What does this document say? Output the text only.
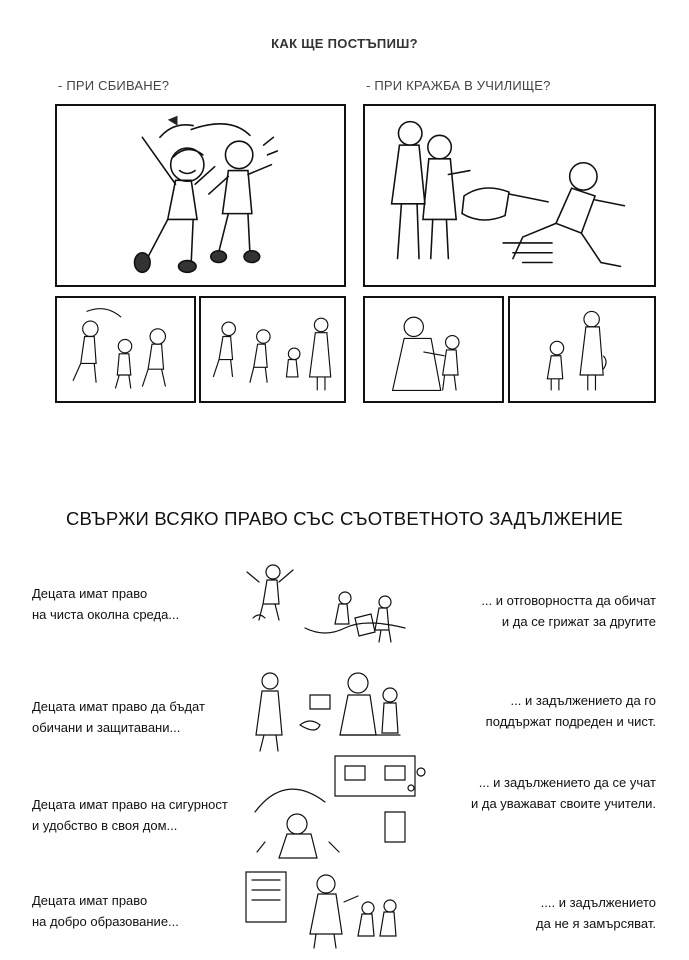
КАК ЩЕ ПОСТЪПИШ?
- ПРИ СБИВАНЕ?	- ПРИ КРАЖБА В УЧИЛИЩЕ?
СВЪРЖИ ВСЯКО ПРАВО СЪС СЪОТВЕТНОТО ЗАДЪЛЖЕНИЕ
Децата имат право
на чиста околна среда...
Децата имат право да бъдат
обичани и защитавани...
Децата имат право на сигурност
и удобство в своя дом...
Децата имат право
на добро образование...
... и отговорността да обичат
и да се грижат за другите
... и задължението да го
поддържат подреден и чист.
... и задължението да се учат
и да уважават своите учители.
.... и задължението
да не я замърсяват.
